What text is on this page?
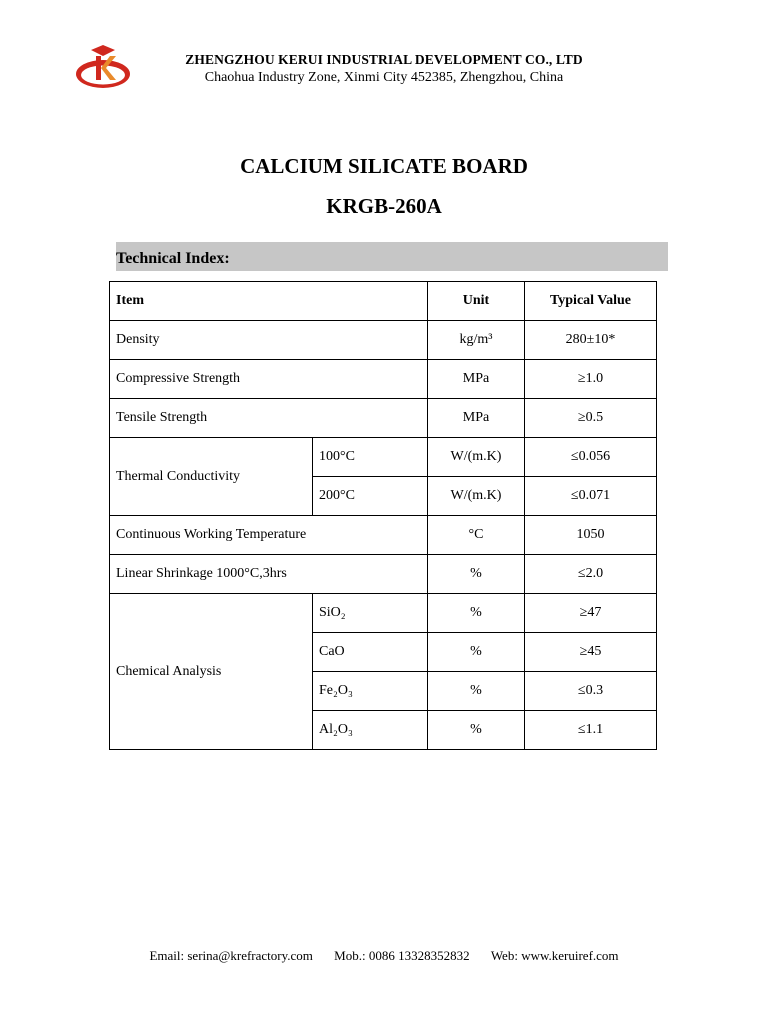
ZHENGZHOU KERUI INDUSTRIAL DEVELOPMENT CO., LTD
Chaohua Industry Zone, Xinmi City 452385, Zhengzhou, China
CALCIUM SILICATE BOARD
KRGB-260A
Technical Index:
Item		Unit	Typical Value
Density		kg/m³	280±10*
Compressive Strength		MPa	≥1.0
Tensile Strength		MPa	≥0.5
Thermal Conductivity	100°C	W/(m.K)	≤0.056
	200°C	W/(m.K)	≤0.071
Continuous Working Temperature		°C	1050
Linear Shrinkage 1000°C,3hrs		%	≤2.0
Chemical Analysis	SiO₂	%	≥47
	CaO	%	≥45
	Fe₂O₃	%	≤0.3
	Al₂O₃	%	≤1.1
Email: serina@krefractory.com Mob.: 0086 13328352832 Web: www.keruiref.com
